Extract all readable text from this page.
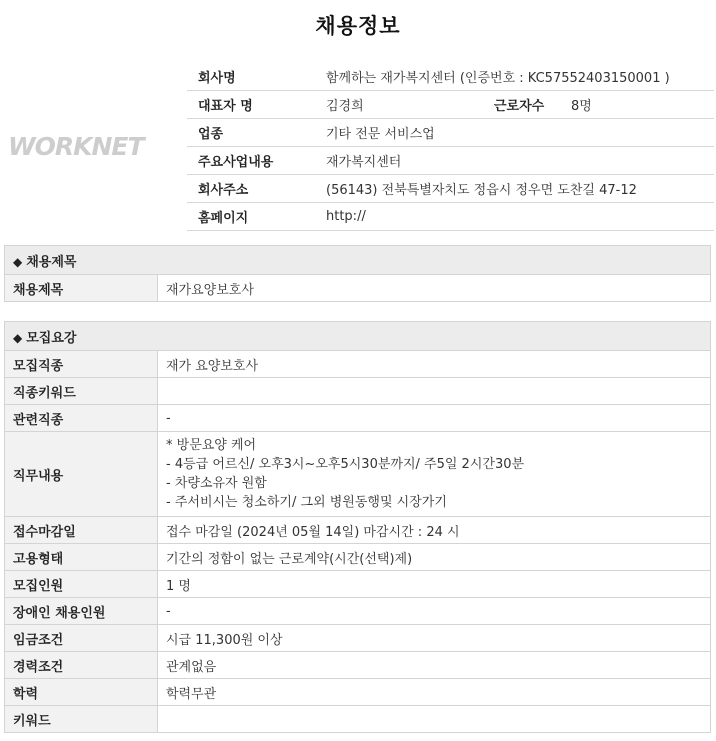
채용정보
WORKNET
회사명	함께하는 재가복지센터 (인증번호 : KC57552403150001 )		
대표자 명	김경희	근로자수	8명
업종	기타 전문 서비스업		
주요사업내용	재가복지센터		
회사주소	(56143) 전북특별자치도 정읍시 정우면 도찬길 47-12		
홈페이지	http://		
◆ 채용제목
채용제목	재가요양보호사
◆ 모집요강	
모집직종	재가 요양보호사
직종키워드	
관련직종	-
직무내용	* 방문요양 케어
- 4등급 어르신/ 오후3시~오후5시30분까지/ 주5일 2시간30분
- 차량소유자 원함
- 주서비시는 청소하기/ 그외 병원동행및 시장가기

접수마감일	접수 마감일 (2024년 05월 14일) 마감시간 : 24 시
고용형태	기간의 정함이 없는 근로계약(시간(선택)제)
모집인원	1 명
장애인 채용인원	-
임금조건	시급 11,300원 이상
경력조건	관계없음
학력	학력무관
키워드	
